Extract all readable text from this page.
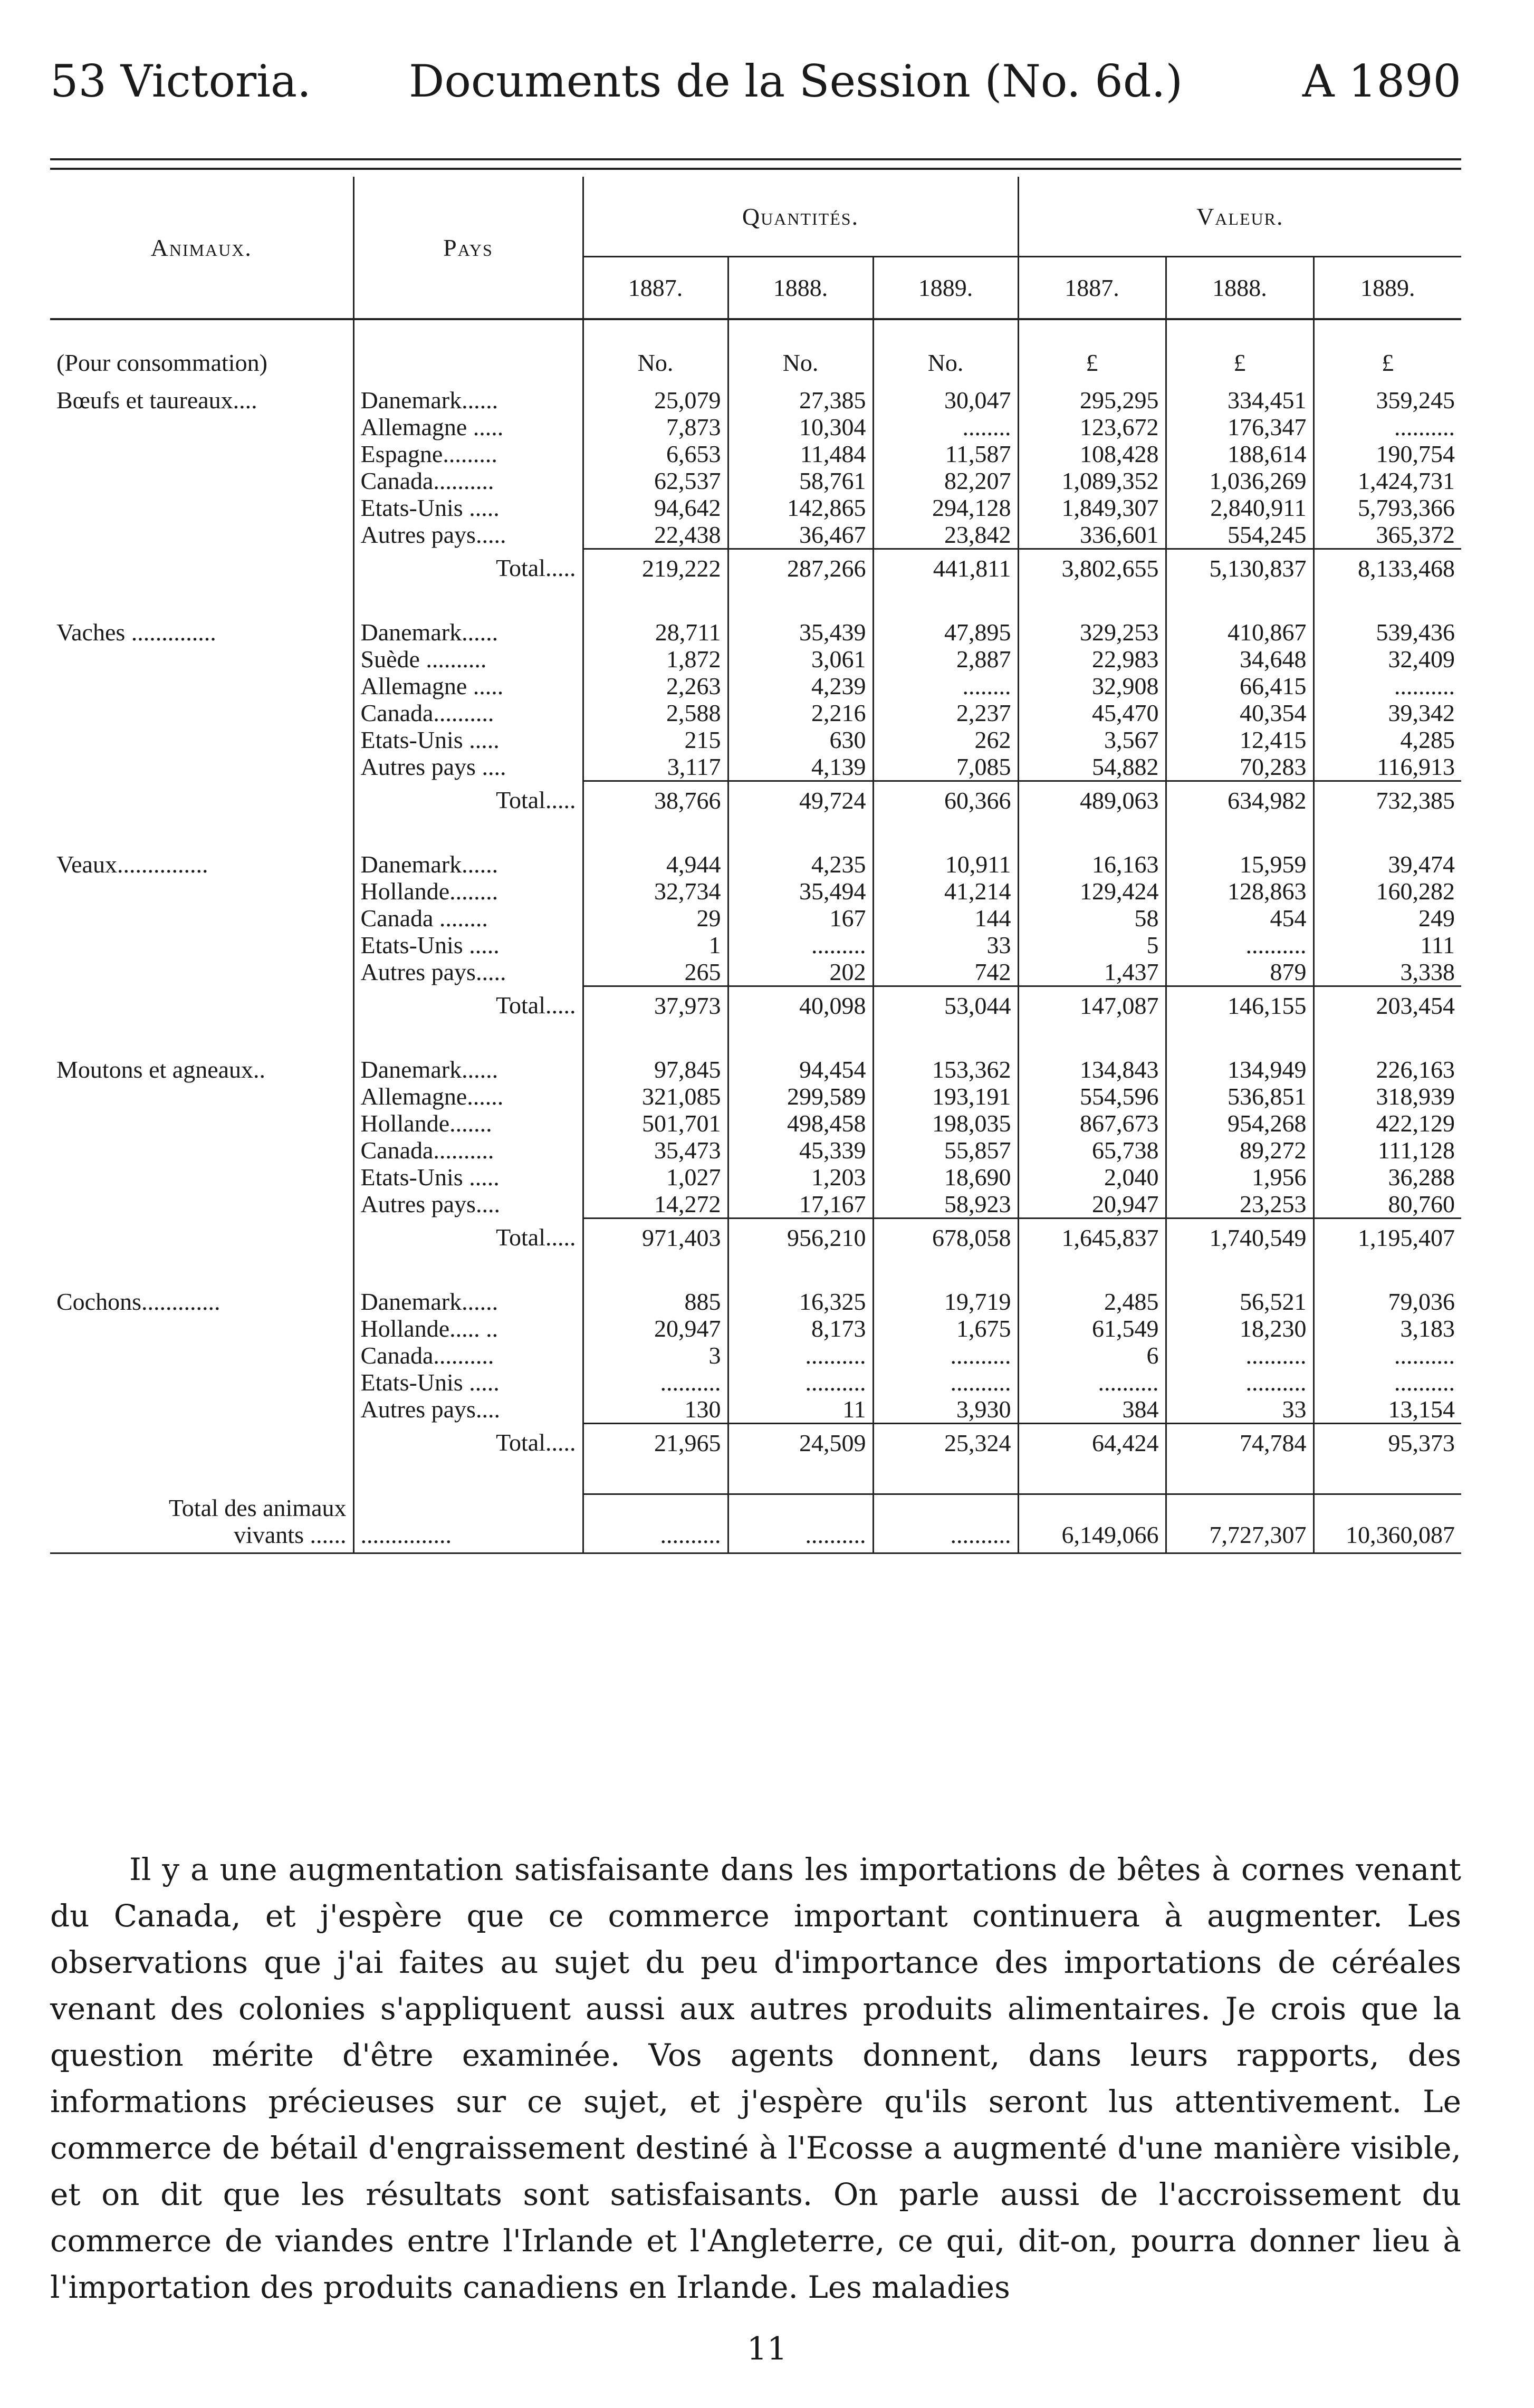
53 Victoria. Documents de la Session (No. 6d.)	A 1890
Animaux.	Pays	Quantités.			Valeur.		
		1887.	1888.	1889.	1887.	1888.	1889.
(Pour consommation)		No.	No.	No.	£	£	£
Bœufs et taureaux....	Danemark......	25,079	27,385	30,047	295,295	334,451	359,245
	Allemagne .....	7,873	10,304	........	123,672	176,347	..........
	Espagne.........	6,653	11,484	11,587	108,428	188,614	190,754
	Canada..........	62,537	58,761	82,207	1,089,352	1,036,269	1,424,731
	Etats-Unis .....	94,642	142,865	294,128	1,849,307	2,840,911	5,793,366
	Autres pays.....	22,438	36,467	23,842	336,601	554,245	365,372
	Total.....	219,222	287,266	441,811	3,802,655	5,130,837	8,133,468

Vaches ..............	Danemark......	28,711	35,439	47,895	329,253	410,867	539,436
	Suède ..........	1,872	3,061	2,887	22,983	34,648	32,409
	Allemagne .....	2,263	4,239	........	32,908	66,415	..........
	Canada..........	2,588	2,216	2,237	45,470	40,354	39,342
	Etats-Unis .....	215	630	262	3,567	12,415	4,285
	Autres pays ....	3,117	4,139	7,085	54,882	70,283	116,913
	Total.....	38,766	49,724	60,366	489,063	634,982	732,385

Veaux...............	Danemark......	4,944	4,235	10,911	16,163	15,959	39,474
	Hollande........	32,734	35,494	41,214	129,424	128,863	160,282
	Canada ........	29	167	144	58	454	249
	Etats-Unis .....	1	.........	33	5	..........	111
	Autres pays.....	265	202	742	1,437	879	3,338
	Total.....	37,973	40,098	53,044	147,087	146,155	203,454

Moutons et agneaux..	Danemark......	97,845	94,454	153,362	134,843	134,949	226,163
	Allemagne......	321,085	299,589	193,191	554,596	536,851	318,939
	Hollande.......	501,701	498,458	198,035	867,673	954,268	422,129
	Canada..........	35,473	45,339	55,857	65,738	89,272	111,128
	Etats-Unis .....	1,027	1,203	18,690	2,040	1,956	36,288
	Autres pays....	14,272	17,167	58,923	20,947	23,253	80,760
	Total.....	971,403	956,210	678,058	1,645,837	1,740,549	1,195,407

Cochons.............	Danemark......	885	16,325	19,719	2,485	56,521	79,036
	Hollande..... ..	20,947	8,173	1,675	61,549	18,230	3,183
	Canada..........	3	..........	..........	6	..........	..........
	Etats-Unis .....	..........	..........	..........	..........	..........	..........
	Autres pays....	130	11	3,930	384	33	13,154
	Total.....	21,965	24,509	25,324	64,424	74,784	95,373

Total des animaux
vivants ......	...............	..........	..........	..........	6,149,066	7,727,307	10,360,087

Il y a une augmentation satisfaisante dans les importations de bêtes à cornes venant du Canada, et j'espère que ce commerce important continuera à augmenter. Les observations que j'ai faites au sujet du peu d'importance des importations de céréales venant des colonies s'appliquent aussi aux autres produits alimentaires. Je crois que la question mérite d'être examinée. Vos agents donnent, dans leurs rapports, des informations précieuses sur ce sujet, et j'espère qu'ils seront lus attentivement. Le commerce de bétail d'engraissement destiné à l'Ecosse a augmenté d'une manière visible, et on dit que les résultats sont satisfaisants. On parle aussi de l'accroissement du commerce de viandes entre l'Irlande et l'Angleterre, ce qui, dit-on, pourra donner lieu à l'importation des produits canadiens en Irlande. Les maladies

11
